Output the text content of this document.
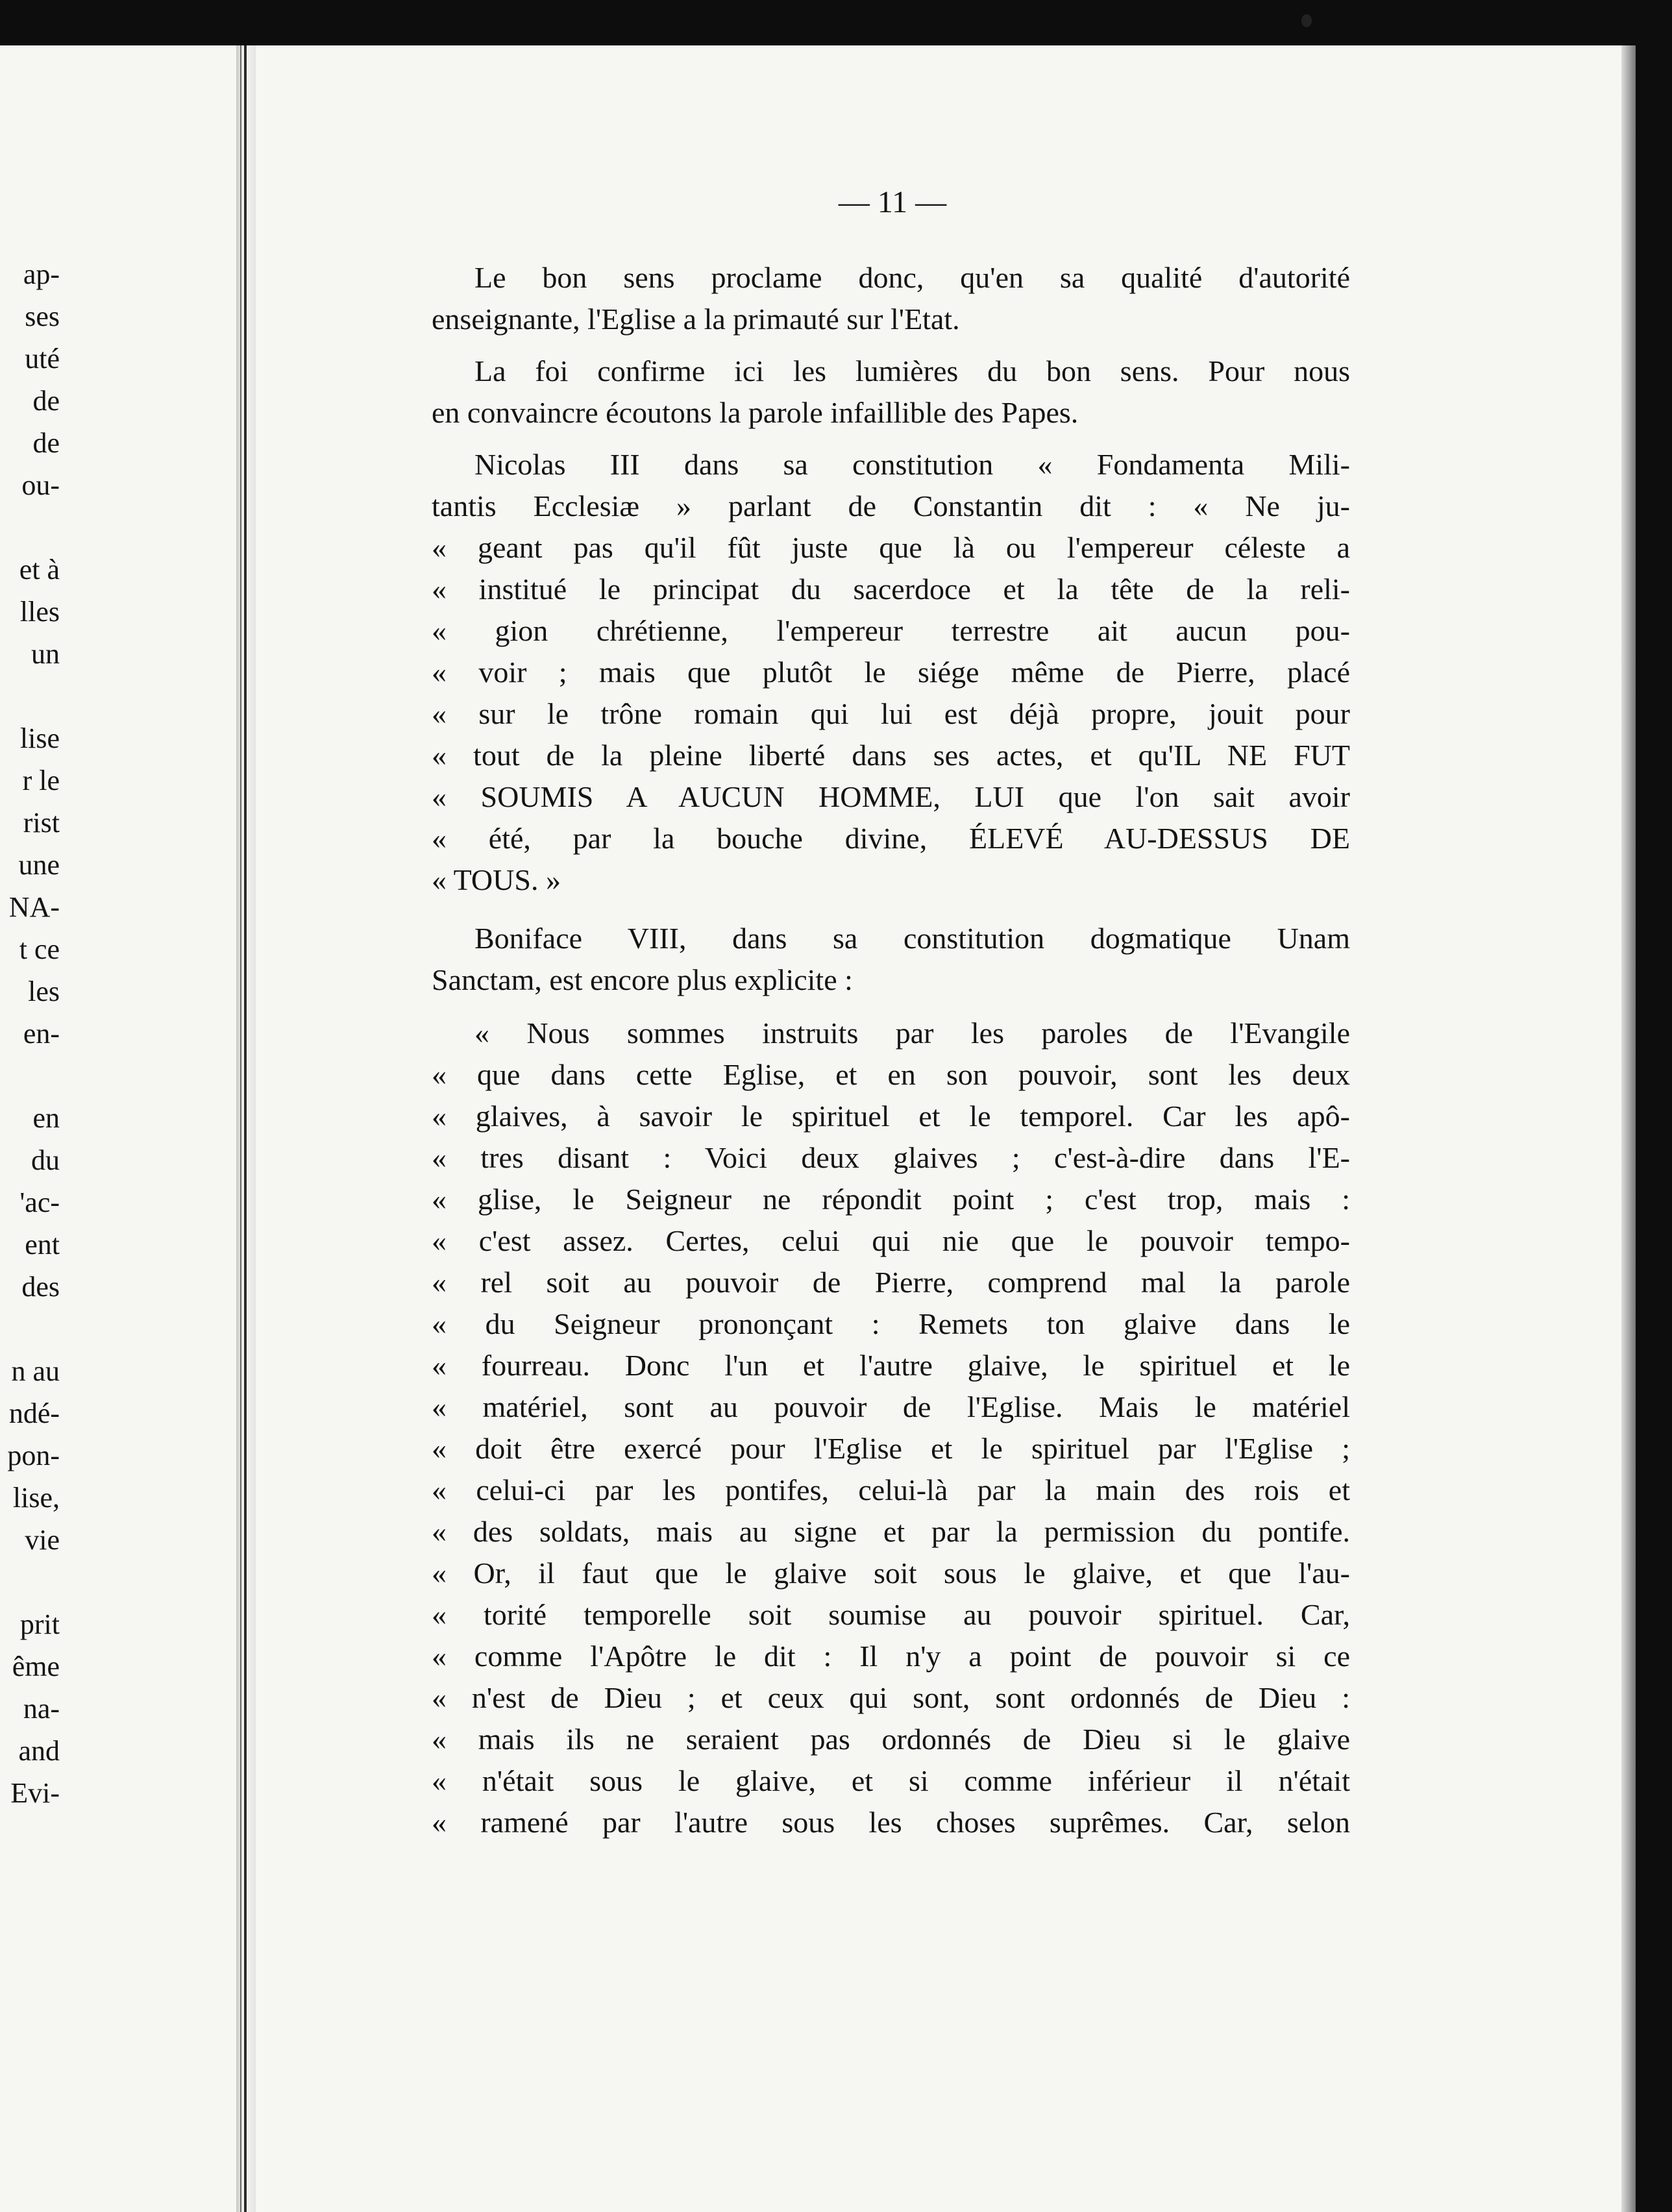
ap-
ses
uté
de
de
ou-
et à
lles
un
lise
r le
rist
une
NA-
t ce
les
en-
en
du
'ac-
ent
des
n au
ndé-
pon-
lise,
vie
prit
ême
na-
and
Evi-
— 11 —
Le bon sens proclame donc, qu'en sa qualité d'autorité
enseignante, l'Eglise a la primauté sur l'Etat.
La foi confirme ici les lumières du bon sens. Pour nous
en convaincre écoutons la parole infaillible des Papes.
Nicolas III dans sa constitution « Fondamenta Mili-
tantis Ecclesiæ » parlant de Constantin dit : « Ne ju-
« geant pas qu'il fût juste que là ou l'empereur céleste a
« institué le principat du sacerdoce et la tête de la reli-
« gion chrétienne, l'empereur terrestre ait aucun pou-
« voir ; mais que plutôt le siége même de Pierre, placé
« sur le trône romain qui lui est déjà propre, jouit pour
« tout de la pleine liberté dans ses actes, et qu'IL NE FUT
« SOUMIS A AUCUN HOMME, LUI que l'on sait avoir
« été, par la bouche divine, ÉLEVÉ AU-DESSUS DE
« TOUS. »
Boniface VIII, dans sa constitution dogmatique Unam
Sanctam, est encore plus explicite :
« Nous sommes instruits par les paroles de l'Evangile
« que dans cette Eglise, et en son pouvoir, sont les deux
« glaives, à savoir le spirituel et le temporel. Car les apô-
« tres disant : Voici deux glaives ; c'est-à-dire dans l'E-
« glise, le Seigneur ne répondit point ; c'est trop, mais :
« c'est assez. Certes, celui qui nie que le pouvoir tempo-
« rel soit au pouvoir de Pierre, comprend mal la parole
« du Seigneur prononçant : Remets ton glaive dans le
« fourreau. Donc l'un et l'autre glaive, le spirituel et le
« matériel, sont au pouvoir de l'Eglise. Mais le matériel
« doit être exercé pour l'Eglise et le spirituel par l'Eglise ;
« celui-ci par les pontifes, celui-là par la main des rois et
« des soldats, mais au signe et par la permission du pontife.
« Or, il faut que le glaive soit sous le glaive, et que l'au-
« torité temporelle soit soumise au pouvoir spirituel. Car,
« comme l'Apôtre le dit : Il n'y a point de pouvoir si ce
« n'est de Dieu ; et ceux qui sont, sont ordonnés de Dieu :
« mais ils ne seraient pas ordonnés de Dieu si le glaive
« n'était sous le glaive, et si comme inférieur il n'était
« ramené par l'autre sous les choses suprêmes. Car, selon
